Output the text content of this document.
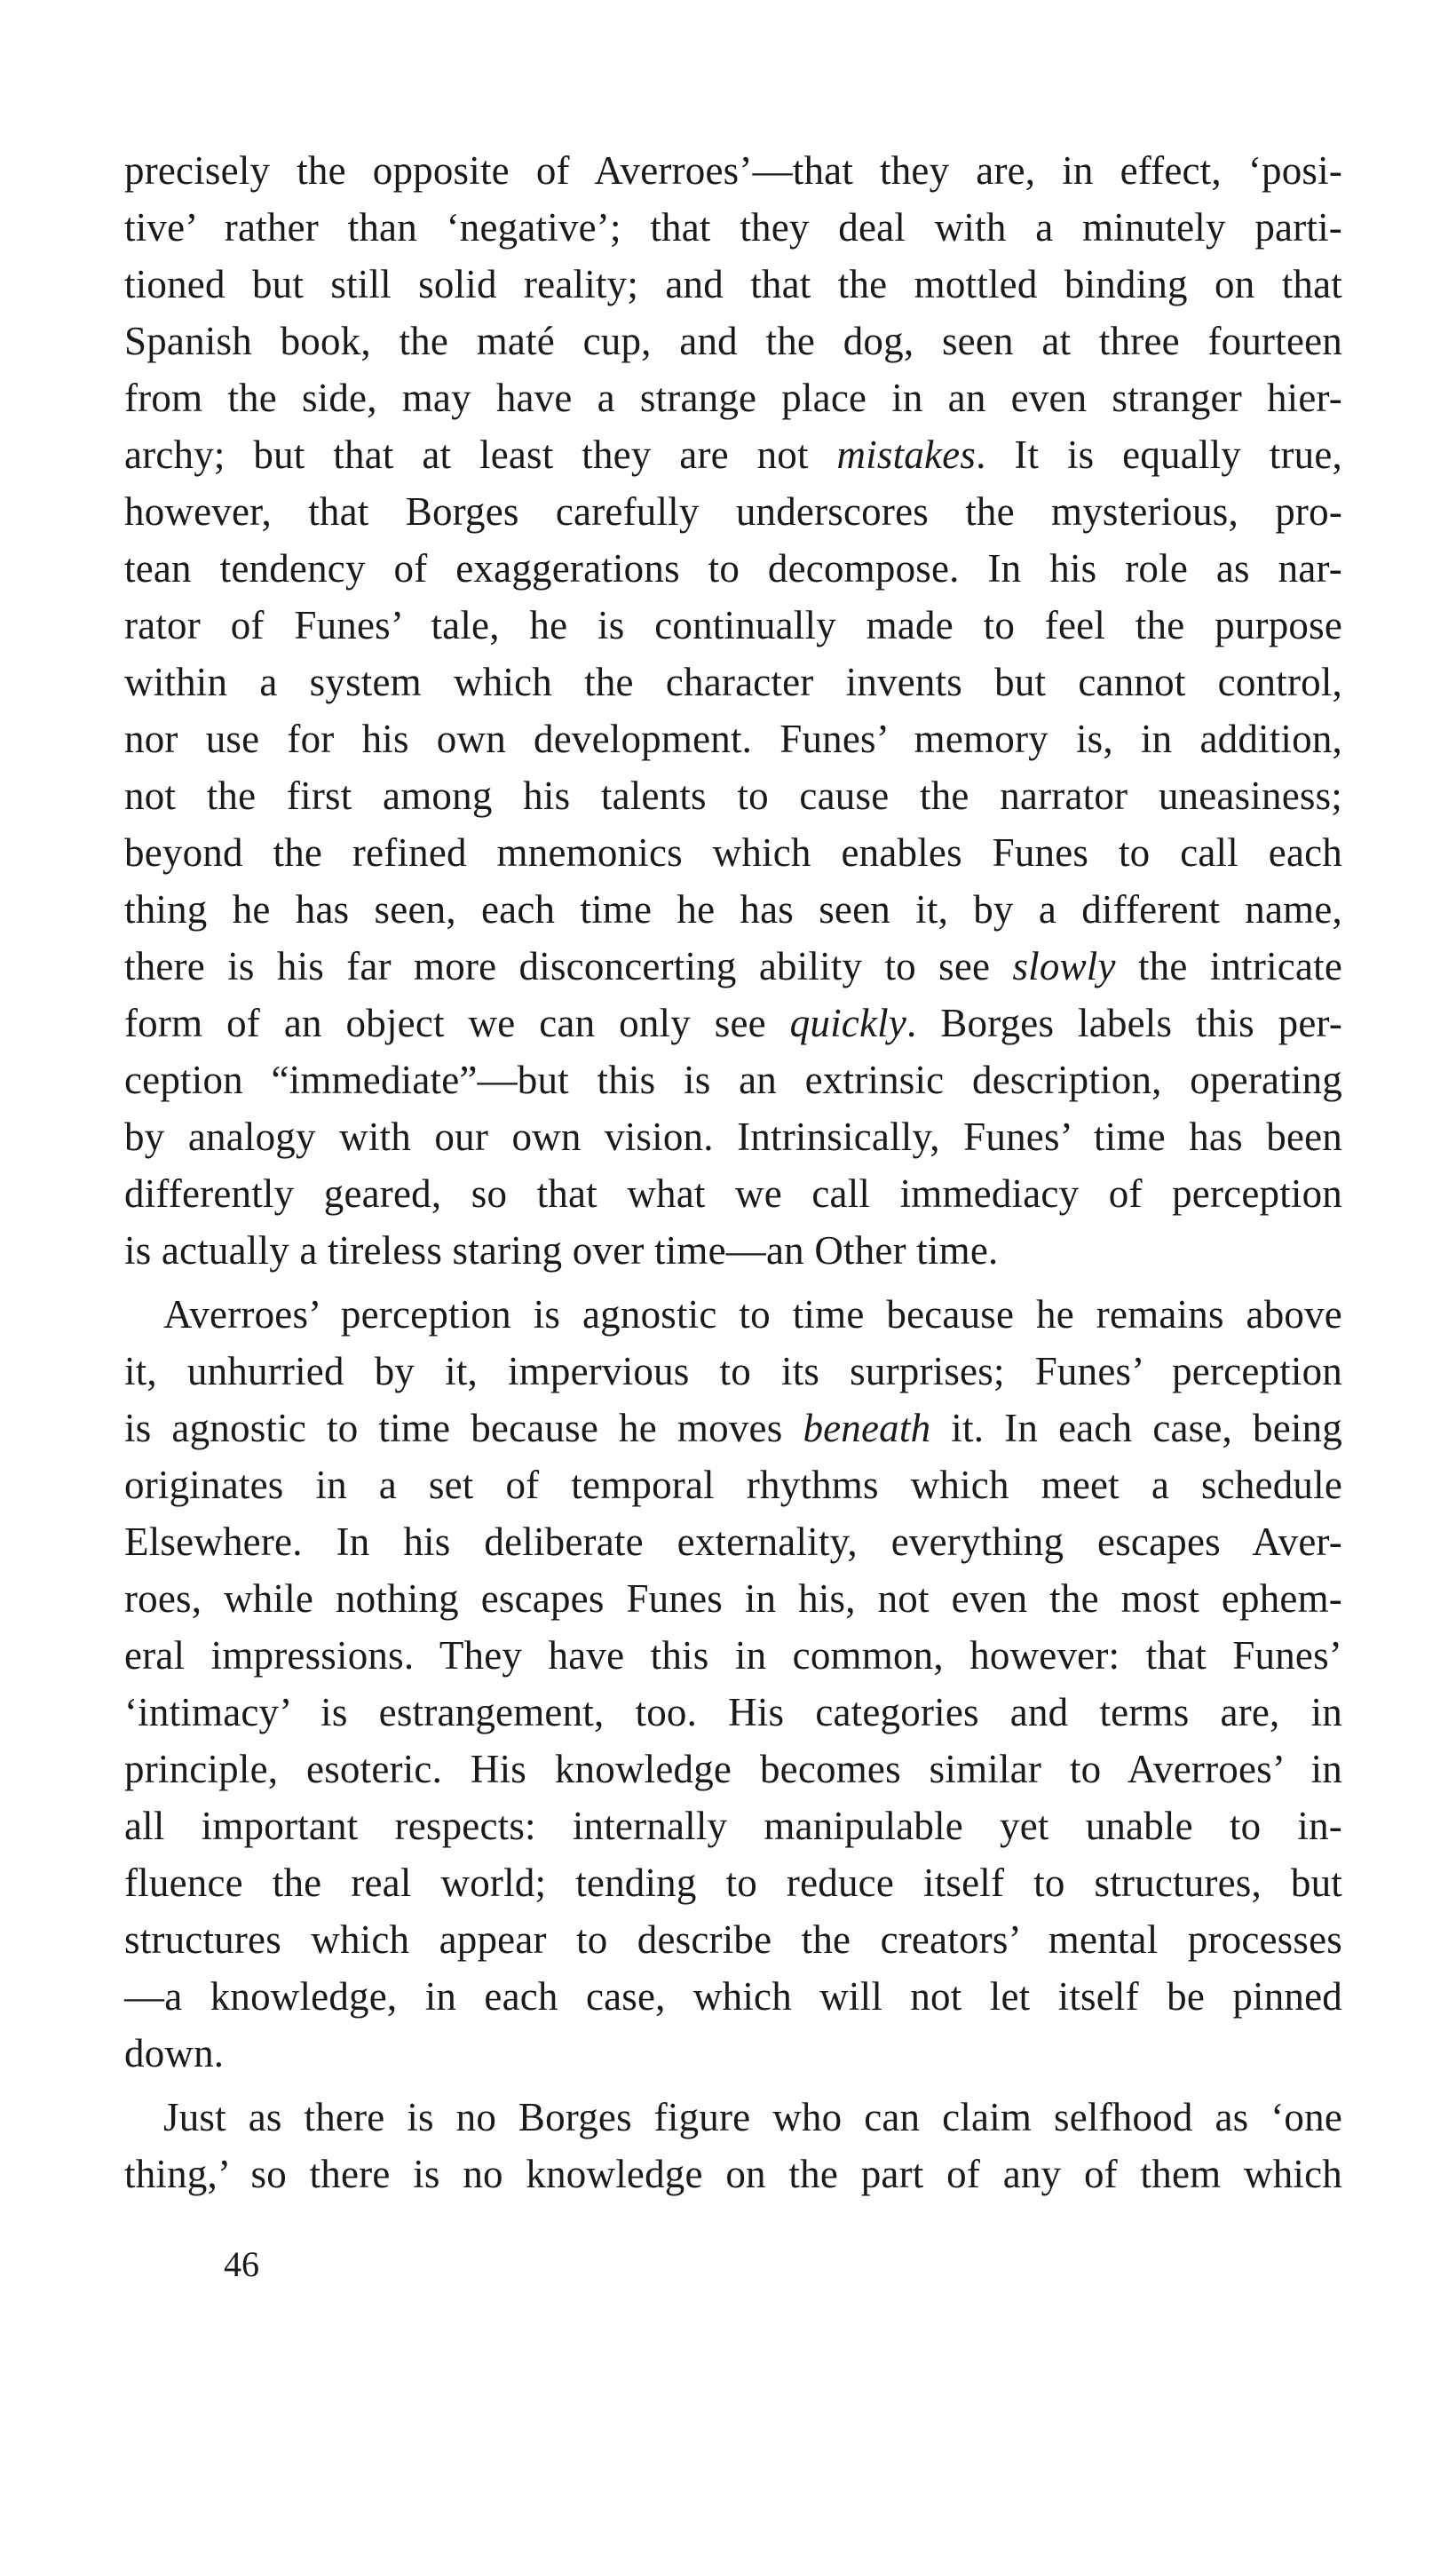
precisely the opposite of Averroes’—that they are, in effect, ‘posi-
tive’ rather than ‘negative’; that they deal with a minutely parti-
tioned but still solid reality; and that the mottled binding on that
Spanish book, the maté cup, and the dog, seen at three fourteen
from the side, may have a strange place in an even stranger hier-
archy; but that at least they are not mistakes. It is equally true,
however, that Borges carefully underscores the mysterious, pro-
tean tendency of exaggerations to decompose. In his role as nar-
rator of Funes’ tale, he is continually made to feel the purpose
within a system which the character invents but cannot control,
nor use for his own development. Funes’ memory is, in addition,
not the first among his talents to cause the narrator uneasiness;
beyond the refined mnemonics which enables Funes to call each
thing he has seen, each time he has seen it, by a different name,
there is his far more disconcerting ability to see slowly the intricate
form of an object we can only see quickly. Borges labels this per-
ception “immediate”—but this is an extrinsic description, operating
by analogy with our own vision. Intrinsically, Funes’ time has been
differently geared, so that what we call immediacy of perception
is actually a tireless staring over time—an Other time.
Averroes’ perception is agnostic to time because he remains above
it, unhurried by it, impervious to its surprises; Funes’ perception
is agnostic to time because he moves beneath it. In each case, being
originates in a set of temporal rhythms which meet a schedule
Elsewhere. In his deliberate externality, everything escapes Aver-
roes, while nothing escapes Funes in his, not even the most ephem-
eral impressions. They have this in common, however: that Funes’
‘intimacy’ is estrangement, too. His categories and terms are, in
principle, esoteric. His knowledge becomes similar to Averroes’ in
all important respects: internally manipulable yet unable to in-
fluence the real world; tending to reduce itself to structures, but
structures which appear to describe the creators’ mental processes
—a knowledge, in each case, which will not let itself be pinned
down.
Just as there is no Borges figure who can claim selfhood as ‘one
thing,’ so there is no knowledge on the part of any of them which
46
